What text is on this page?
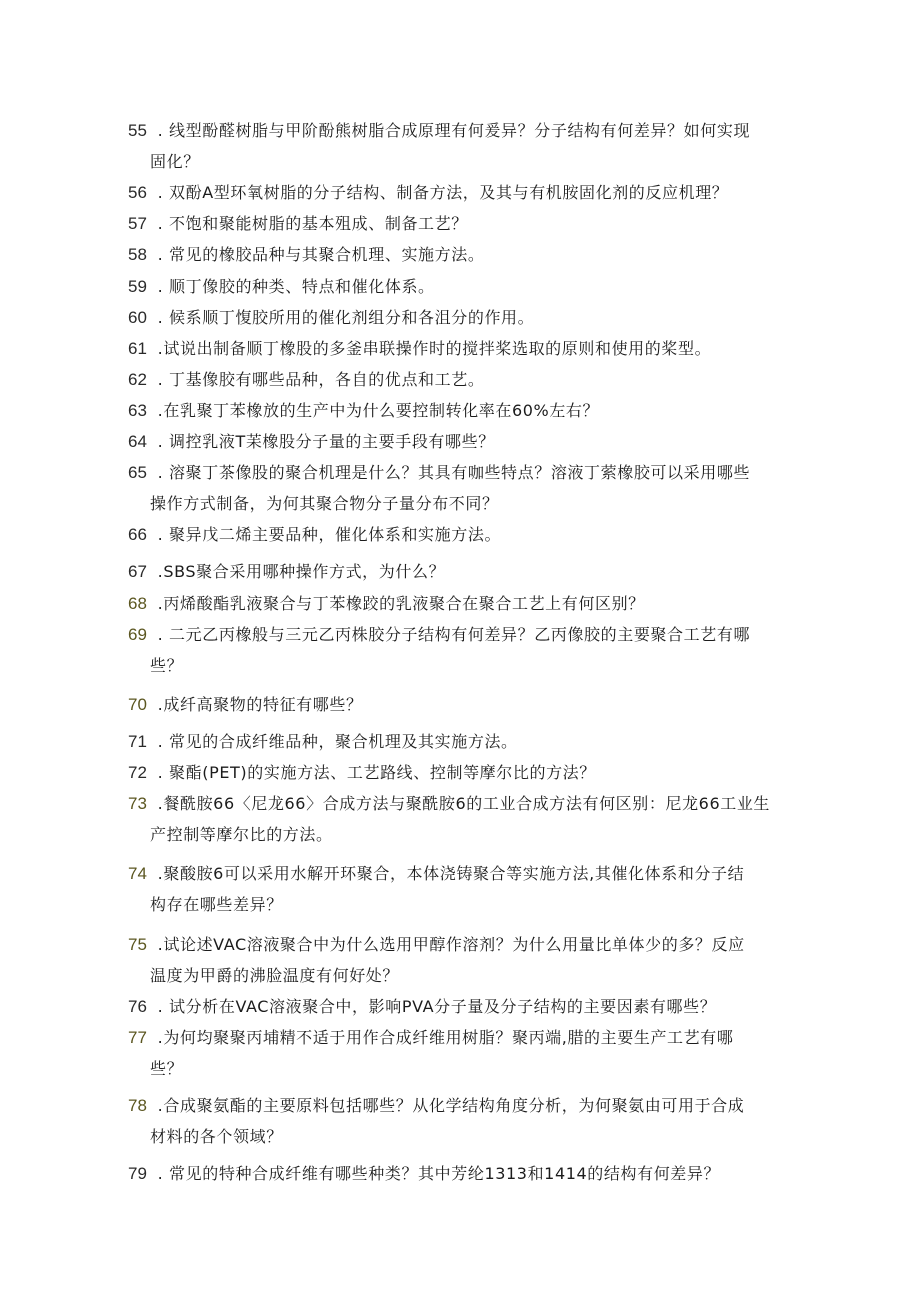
55 . 线型酚醛树脂与甲阶酚熊树脂合成原理有何爰异？分子结构有何差异？如何实现
固化？
56 . 双酚A型环氧树脂的分子结构、制备方法，及其与有机胺固化剂的反应机理？
57 . 不饱和聚能树脂的基本殂成、制备工艺？
58 . 常见的橡胶品种与其聚合机理、实施方法。
59 . 顺丁像胶的种类、特点和催化体系。
60 . 候系顺丁愎胶所用的催化剂组分和各沮分的作用。
61 .试说出制备顺丁橡股的多釜串联操作时的搅拌桨选取的原则和使用的桨型。
62 . 丁基像胶有哪些品种，各自的优点和工艺。
63 .在乳聚丁苯橡放的生产中为什么要控制转化率在60%左右？
64 . 调控乳液T苿橡股分子量的主要手段有哪些？
65 . 溶聚丁茶像股的聚合机理是什么？其具有咖些特点？溶液丁萦橡胶可以采用哪些
操作方式制备，为何其聚合物分子量分布不同？
66 . 聚异戊二烯主要品种，催化体系和实施方法。
67 .SBS聚合采用哪种操作方式，为什么？
68 .丙烯酸酯乳液聚合与丁苯橡跤的乳液聚合在聚合工艺上有何区别？
69 . 二元乙丙橡般与三元乙丙株胶分子结构有何差异？乙丙像胶的主要聚合工艺有哪
些？
70 .成纤高聚物的特征有哪些？
71 . 常见的合成纤维品种，聚合机理及其实施方法。
72 . 聚酯(PET)的实施方法、工艺路线、控制等摩尔比的方法？
73 .餐酰胺66〈尼龙66〉合成方法与聚酰胺6的工业合成方法有何区别：尼龙66工业生
产控制等摩尔比的方法。
74 .聚酸胺6可以采用水解开环聚合，本体浇铸聚合等实施方法,其催化体系和分子结
构存在哪些差异？
75 .试论述VAC溶液聚合中为什么选用甲醇作溶剂？为什么用量比单体少的多？反应
温度为甲爵的沸脸温度有何好处？
76 . 试分析在VAC溶液聚合中，影响PVA分子量及分子结构的主要因素有哪些？
77 .为何均聚聚丙埔精不适于用作合成纤维用树脂？聚丙端,腊的主要生产工艺有哪
些？
78 .合成聚氨酯的主要原料包括哪些？从化学结构角度分析，为何聚氨由可用于合成
材料的各个领域？
79 . 常见的特种合成纤维有哪些种类？其中芳纶1313和1414的结构有何差异？
